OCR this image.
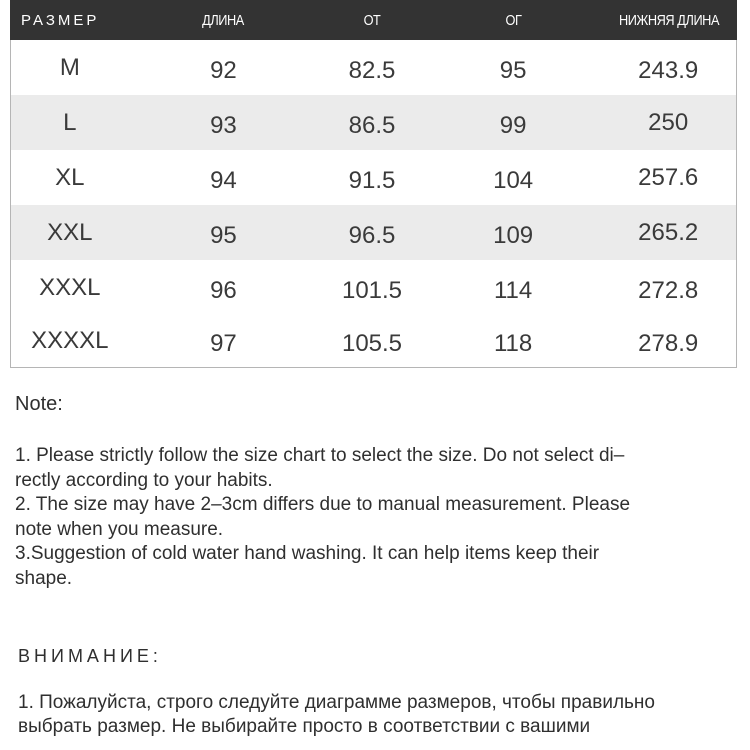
РАЗМЕР	ДЛИНА	ОТ	ОГ	НИЖНЯЯ ДЛИНА
M	92	82.5	95	243.9
L	93	86.5	99	250
XL	94	91.5	104	257.6
XXL	95	96.5	109	265.2
XXXL	96	101.5	114	272.8
XXXXL	97	105.5	118	278.9

Note:

1. Please strictly follow the size chart to select the size. Do not select di–

rectly according to your habits.

2. The size may have 2–3cm differs due to manual measurement. Please

note when you measure.

3.Suggestion of cold water hand washing. It can help items keep their

shape.

ВНИМАНИЕ:

1. Пожалуйста, строго следуйте диаграмме размеров, чтобы правильно

выбрать размер. Не выбирайте просто в соответствии с вашими
